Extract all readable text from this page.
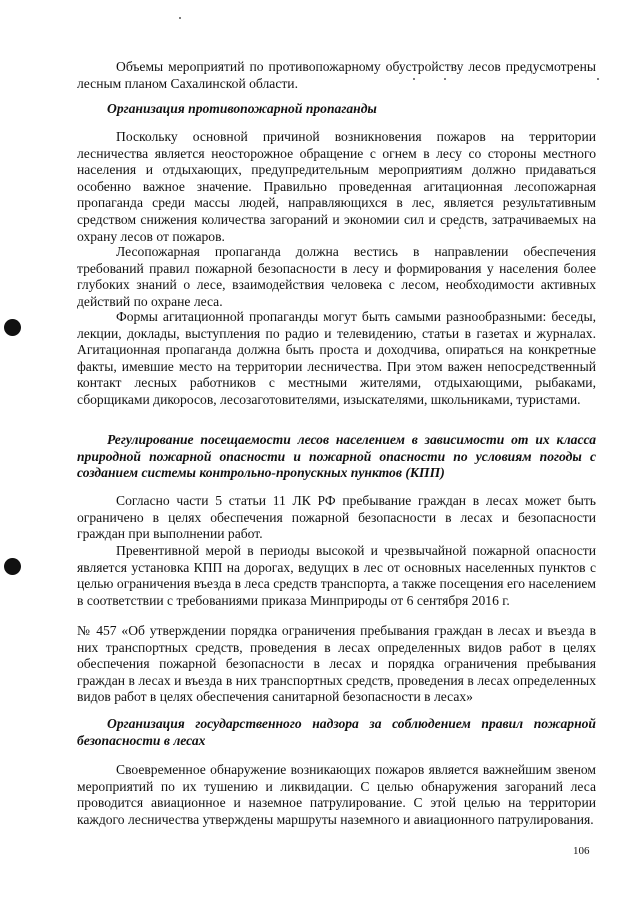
Объемы мероприятий по противопожарному обустройству лесов предусмотрены лесным планом Сахалинской области.

Организация противопожарной пропаганды

Поскольку основной причиной возникновения пожаров на территории лесничества является неосторожное обращение с огнем в лесу со стороны местного населения и отдыхающих, предупредительным мероприятиям должно придаваться особенно важное значение. Правильно проведенная агитационная лесопожарная пропаганда среди массы людей, направляющихся в лес, является результативным средством снижения количества загораний и экономии сил и средств, затрачиваемых на охрану лесов от пожаров.

Лесопожарная пропаганда должна вестись в направлении обеспечения требований правил пожарной безопасности в лесу и формирования у населения более глубоких знаний о лесе, взаимодействия человека с лесом, необходимости активных действий по охране леса.

Формы агитационной пропаганды могут быть самыми разнообразными: беседы, лекции, доклады, выступления по радио и телевидению, статьи в газетах и журналах. Агитационная пропаганда должна быть проста и доходчива, опираться на конкретные факты, имевшие место на территории лесничества. При этом важен непосредственный контакт лесных работников с местными жителями, отдыхающими, рыбаками, сборщиками дикоросов, лесозаготовителями, изыскателями, школьниками, туристами.

Регулирование посещаемости лесов населением в зависимости от их класса природной пожарной опасности и пожарной опасности по условиям погоды с созданием системы контрольно-пропускных пунктов (КПП)

Согласно части 5 статьи 11 ЛК РФ пребывание граждан в лесах может быть ограничено в целях обеспечения пожарной безопасности в лесах и безопасности граждан при выполнении работ.

Превентивной мерой в периоды высокой и чрезвычайной пожарной опасности является установка КПП на дорогах, ведущих в лес от основных населенных пунктов с целью ограничения въезда в леса средств транспорта, а также посещения его населением в соответствии с требованиями приказа Минприроды от 6 сентября 2016 г.

№ 457 «Об утверждении порядка ограничения пребывания граждан в лесах и въезда в них транспортных средств, проведения в лесах определенных видов работ в целях обеспечения пожарной безопасности в лесах и порядка ограничения пребывания граждан в лесах и въезда в них транспортных средств, проведения в лесах определенных видов работ в целях обеспечения санитарной безопасности в лесах»

Организация государственного надзора за соблюдением правил пожарной безопасности в лесах

Своевременное обнаружение возникающих пожаров является важнейшим звеном мероприятий по их тушению и ликвидации. С целью обнаружения загораний леса проводится авиационное и наземное патрулирование. С этой целью на территории каждого лесничества утверждены маршруты наземного и авиационного патрулирования.

106
